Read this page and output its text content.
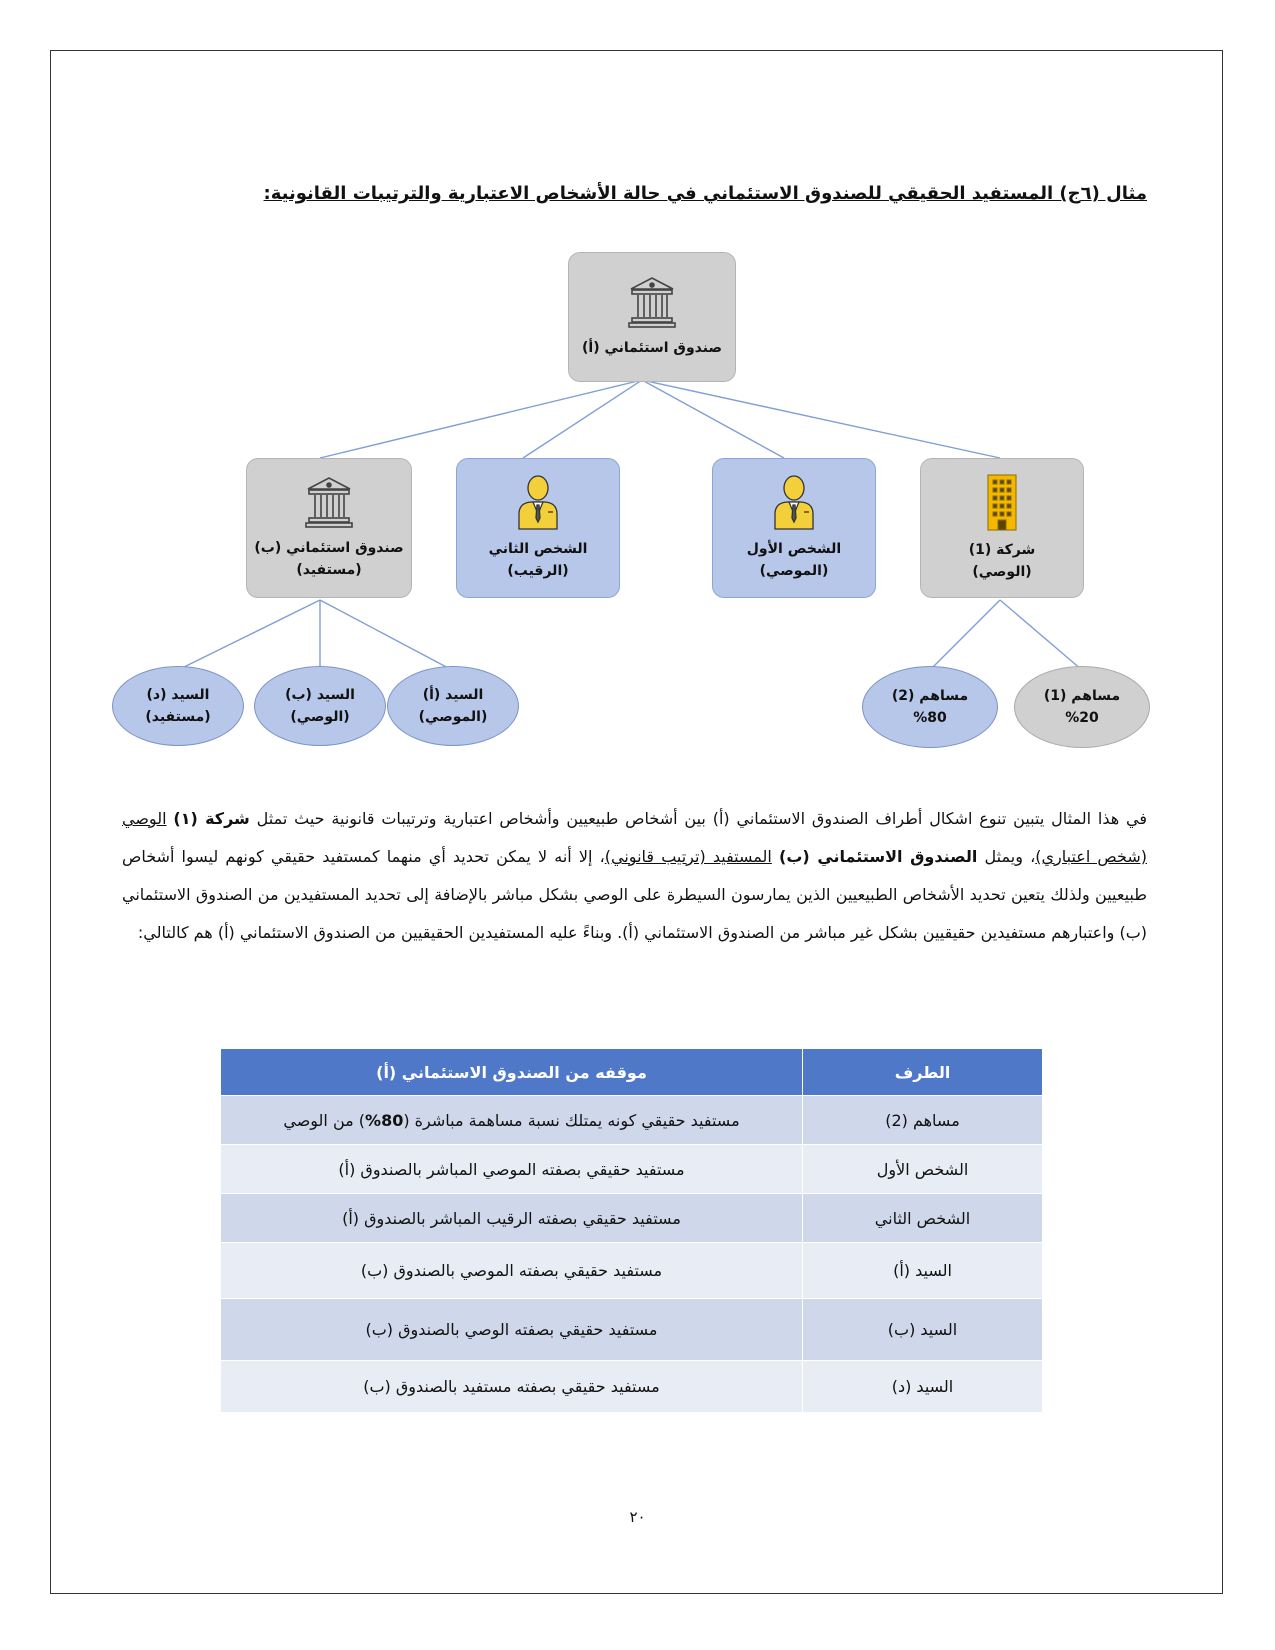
مثال (٦ج) المستفيد الحقيقي للصندوق الاستئماني في حالة الأشخاص الاعتبارية والترتيبات القانونية:
صندوق استئماني (أ)
صندوق استئماني (ب)
(مستفيد)
الشخص الثاني
(الرقيب)
الشخص الأول
(الموصي)
شركة (1)
(الوصي)
السيد (أ)
(الموصي)
السيد (ب)
(الوصي)
السيد (د)
(مستفيد)
مساهم (2)
%80
مساهم (1)
%20

في هذا المثال يتبين تنوع اشكال أطراف الصندوق الاستئماني (أ) بين أشخاص طبيعيين وأشخاص اعتبارية وترتيبات قانونية حيث تمثل شركة (١) الوصي (شخص اعتباري)، ويمثل الصندوق الاستئماني (ب) المستفيد (ترتيب قانوني)، إلا أنه لا يمكن تحديد أي منهما كمستفيد حقيقي كونهم ليسوا أشخاص طبيعيين ولذلك يتعين تحديد الأشخاص الطبيعيين الذين يمارسون السيطرة على الوصي بشكل مباشر بالإضافة إلى تحديد المستفيدين من الصندوق الاستئماني (ب) واعتبارهم مستفيدين حقيقيين بشكل غير مباشر من الصندوق الاستئماني (أ). وبناءً عليه المستفيدين الحقيقيين من الصندوق الاستئماني (أ) هم كالتالي:

الطرف	موقفه من الصندوق الاستئماني (أ)
مساهم (2)	مستفيد حقيقي كونه يمتلك نسبة مساهمة مباشرة (80%) من الوصي
الشخص الأول	مستفيد حقيقي بصفته الموصي المباشر بالصندوق (أ)
الشخص الثاني	مستفيد حقيقي بصفته الرقيب المباشر بالصندوق (أ)
السيد (أ)	مستفيد حقيقي بصفته الموصي بالصندوق (ب)
السيد (ب)	مستفيد حقيقي بصفته الوصي بالصندوق (ب)
السيد (د)	مستفيد حقيقي بصفته مستفيد بالصندوق (ب)
٢٠
